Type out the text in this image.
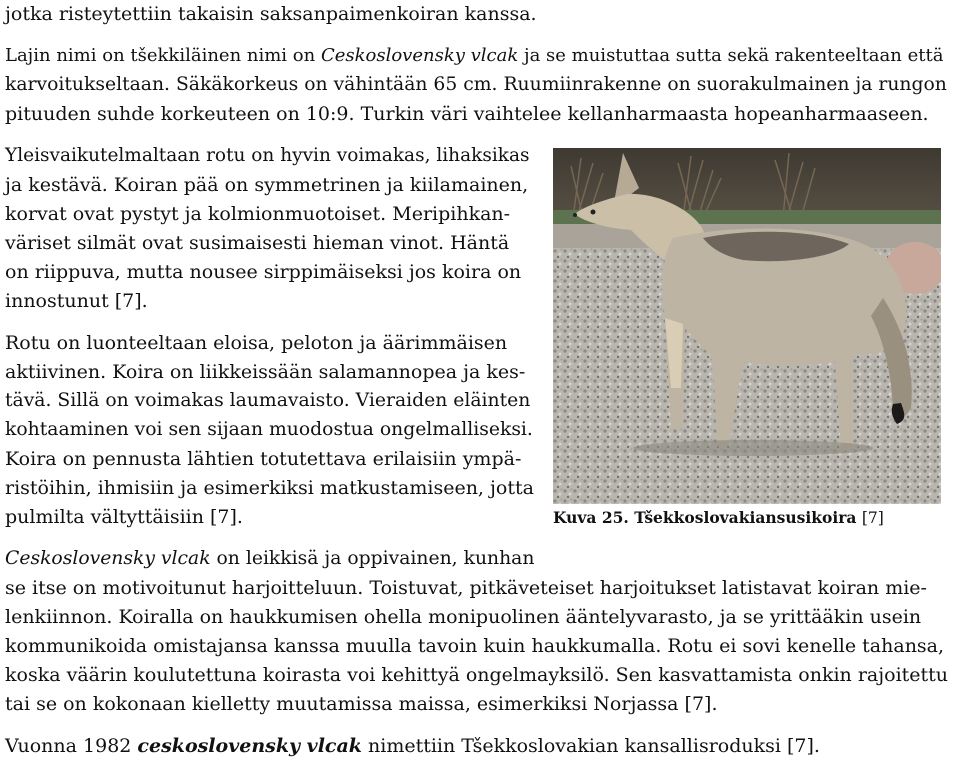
jotka risteytettiin takaisin saksanpaimenkoiran kanssa.
Lajin nimi on tšekkiläinen nimi on Ceskoslovensky vlcak ja se muistuttaa sutta sekä rakenteeltaan että
karvoitukseltaan. Säkäkorkeus on vähintään 65 cm. Ruumiinrakenne on suorakulmainen ja rungon
pituuden suhde korkeuteen on 10:9. Turkin väri vaihtelee kellanharmaasta hopeanharmaaseen.
Yleisvaikutelmaltaan rotu on hyvin voimakas, lihaksikas
ja kestävä. Koiran pää on symmetrinen ja kiilamainen,
korvat ovat pystyt ja kolmionmuotoiset. Meripihkan-
väriset silmät ovat susimaisesti hieman vinot. Häntä
on riippuva, mutta nousee sirppimäiseksi jos koira on
innostunut [7].
Rotu on luonteeltaan eloisa, peloton ja äärimmäisen
aktiivinen. Koira on liikkeissään salamannopea ja kes-
tävä. Sillä on voimakas laumavaisto. Vieraiden eläinten
kohtaaminen voi sen sijaan muodostua ongelmalliseksi.
Koira on pennusta lähtien totutettava erilaisiin ympä-
ristöihin, ihmisiin ja esimerkiksi matkustamiseen, jotta
pulmilta vältyttäisiin [7].	Kuva 25. Tšekkoslovakiansusikoira [7]
Ceskoslovensky vlcak on leikkisä ja oppivainen, kunhan
se itse on motivoitunut harjoitteluun. Toistuvat, pitkäveteiset harjoitukset latistavat koiran mie-
lenkiinnon. Koiralla on haukkumisen ohella monipuolinen ääntelyvarasto, ja se yrittääkin usein
kommunikoida omistajansa kanssa muulla tavoin kuin haukkumalla. Rotu ei sovi kenelle tahansa,
koska väärin koulutettuna koirasta voi kehittyä ongelmayksilö. Sen kasvattamista onkin rajoitettu
tai se on kokonaan kielletty muutamissa maissa, esimerkiksi Norjassa [7].
Vuonna 1982 ceskoslovensky vlcak nimettiin Tšekkoslovakian kansallisroduksi [7].
